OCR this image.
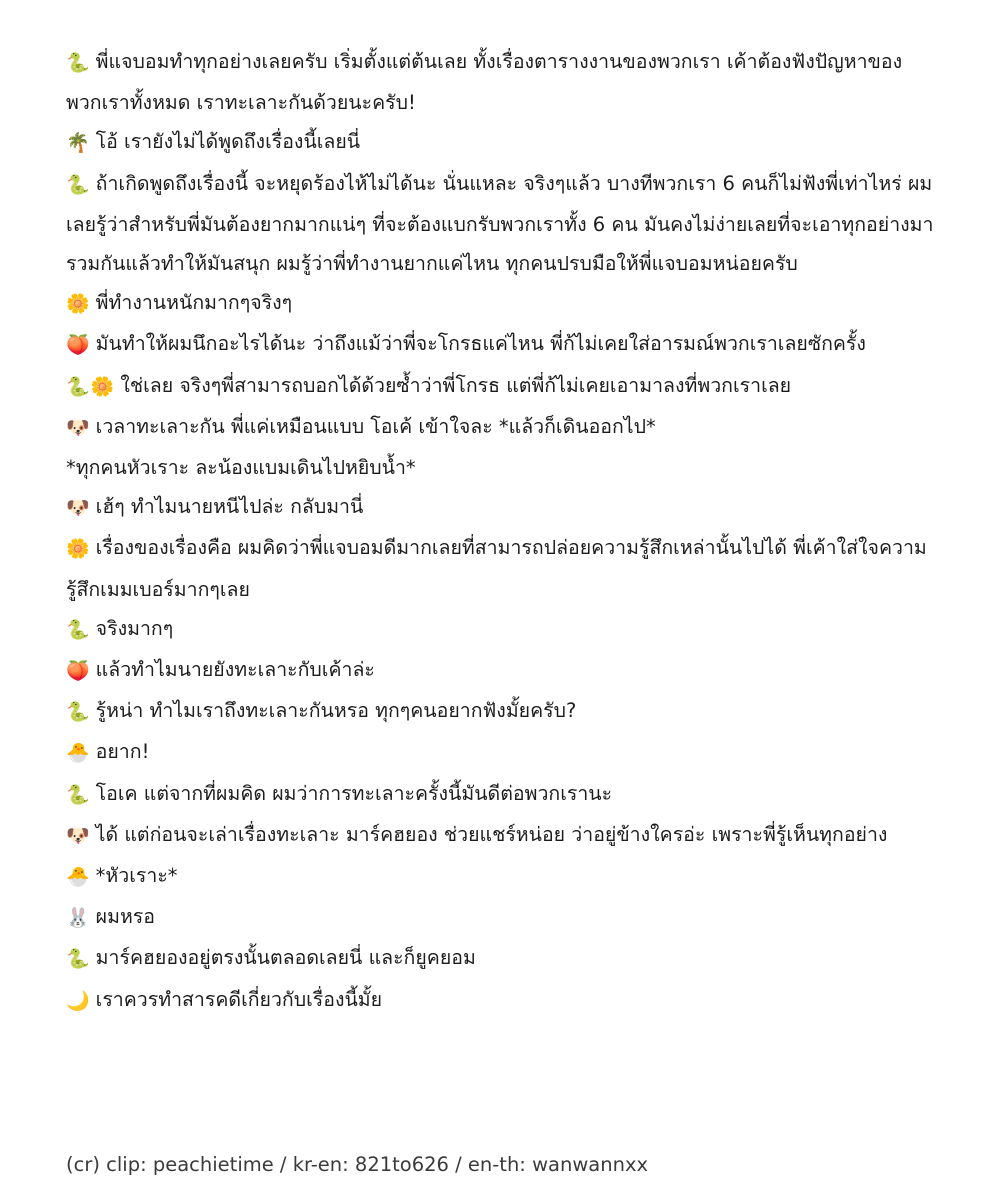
🐍 พี่แจบอมทำทุกอย่างเลยครับ เริ่มตั้งแต่ต้นเลย ทั้งเรื่องตารางงานของพวกเรา เค้าต้องฟังปัญหาของพวกเราทั้งหมด เราทะเลาะกันด้วยนะครับ!

🌴 โอ้ เรายังไม่ได้พูดถึงเรื่องนี้เลยนี่

🐍 ถ้าเกิดพูดถึงเรื่องนี้ จะหยุดร้องไห้ไม่ได้นะ นั่นแหละ จริงๆแล้ว บางทีพวกเรา 6 คนก็ไม่ฟังพี่เท่าไหร่ ผมเลยรู้ว่าสำหรับพี่มันต้องยากมากแน่ๆ ที่จะต้องแบกรับพวกเราทั้ง 6 คน มันคงไม่ง่ายเลยที่จะเอาทุกอย่างมารวมกันแล้วทำให้มันสนุก ผมรู้ว่าพี่ทำงานยากแค่ไหน ทุกคนปรบมือให้พี่แจบอมหน่อยครับ

🌼 พี่ทำงานหนักมากๆจริงๆ

🍑 มันทำให้ผมนึกอะไรได้นะ ว่าถึงแม้ว่าพี่จะโกรธแค่ไหน พี่ก้ไม่เคยใส่อารมณ์พวกเราเลยซักครั้ง

🐍🌼 ใช่เลย จริงๆพี่สามารถบอกได้ด้วยซ้ำว่าพี่โกรธ แต่พี่ก้ไม่เคยเอามาลงที่พวกเราเลย

🐶 เวลาทะเลาะกัน พี่แค่เหมือนแบบ โอเค้ เข้าใจละ *แล้วก็เดินออกไป*

*ทุกคนหัวเราะ ละน้องแบมเดินไปหยิบน้ำ*

🐶 เฮ้ๆ ทำไมนายหนีไปล่ะ กลับมานี่

🌼 เรื่องของเรื่องคือ ผมคิดว่าพี่แจบอมดีมากเลยที่สามารถปล่อยความรู้สึกเหล่านั้นไปได้ พี่เค้าใส่ใจความรู้สึกเมมเบอร์มากๆเลย

🐍 จริงมากๆ

🍑 แล้วทำไมนายยังทะเลาะกับเค้าล่ะ

🐍 รู้หน่า ทำไมเราถึงทะเลาะกันหรอ ทุกๆคนอยากฟังมั้ยครับ?

🐣 อยาก!

🐍 โอเค แต่จากที่ผมคิด ผมว่าการทะเลาะครั้งนี้มันดีต่อพวกเรานะ

🐶 ได้ แต่ก่อนจะเล่าเรื่องทะเลาะ มาร์คฮยอง ช่วยแชร์หน่อย ว่าอยู่ข้างใครอ่ะ เพราะพี่รู้เห็นทุกอย่าง

🐣 *หัวเราะ*

🐰 ผมหรอ

🐍 มาร์คฮยองอยู่ตรงนั้นตลอดเลยนี่ และก็ยูคยอม

🌙 เราควรทำสารคดีเกี่ยวกับเรื่องนี้มั้ย

(cr) clip: peachietime / kr-en: 821to626 / en-th: wanwannxx
